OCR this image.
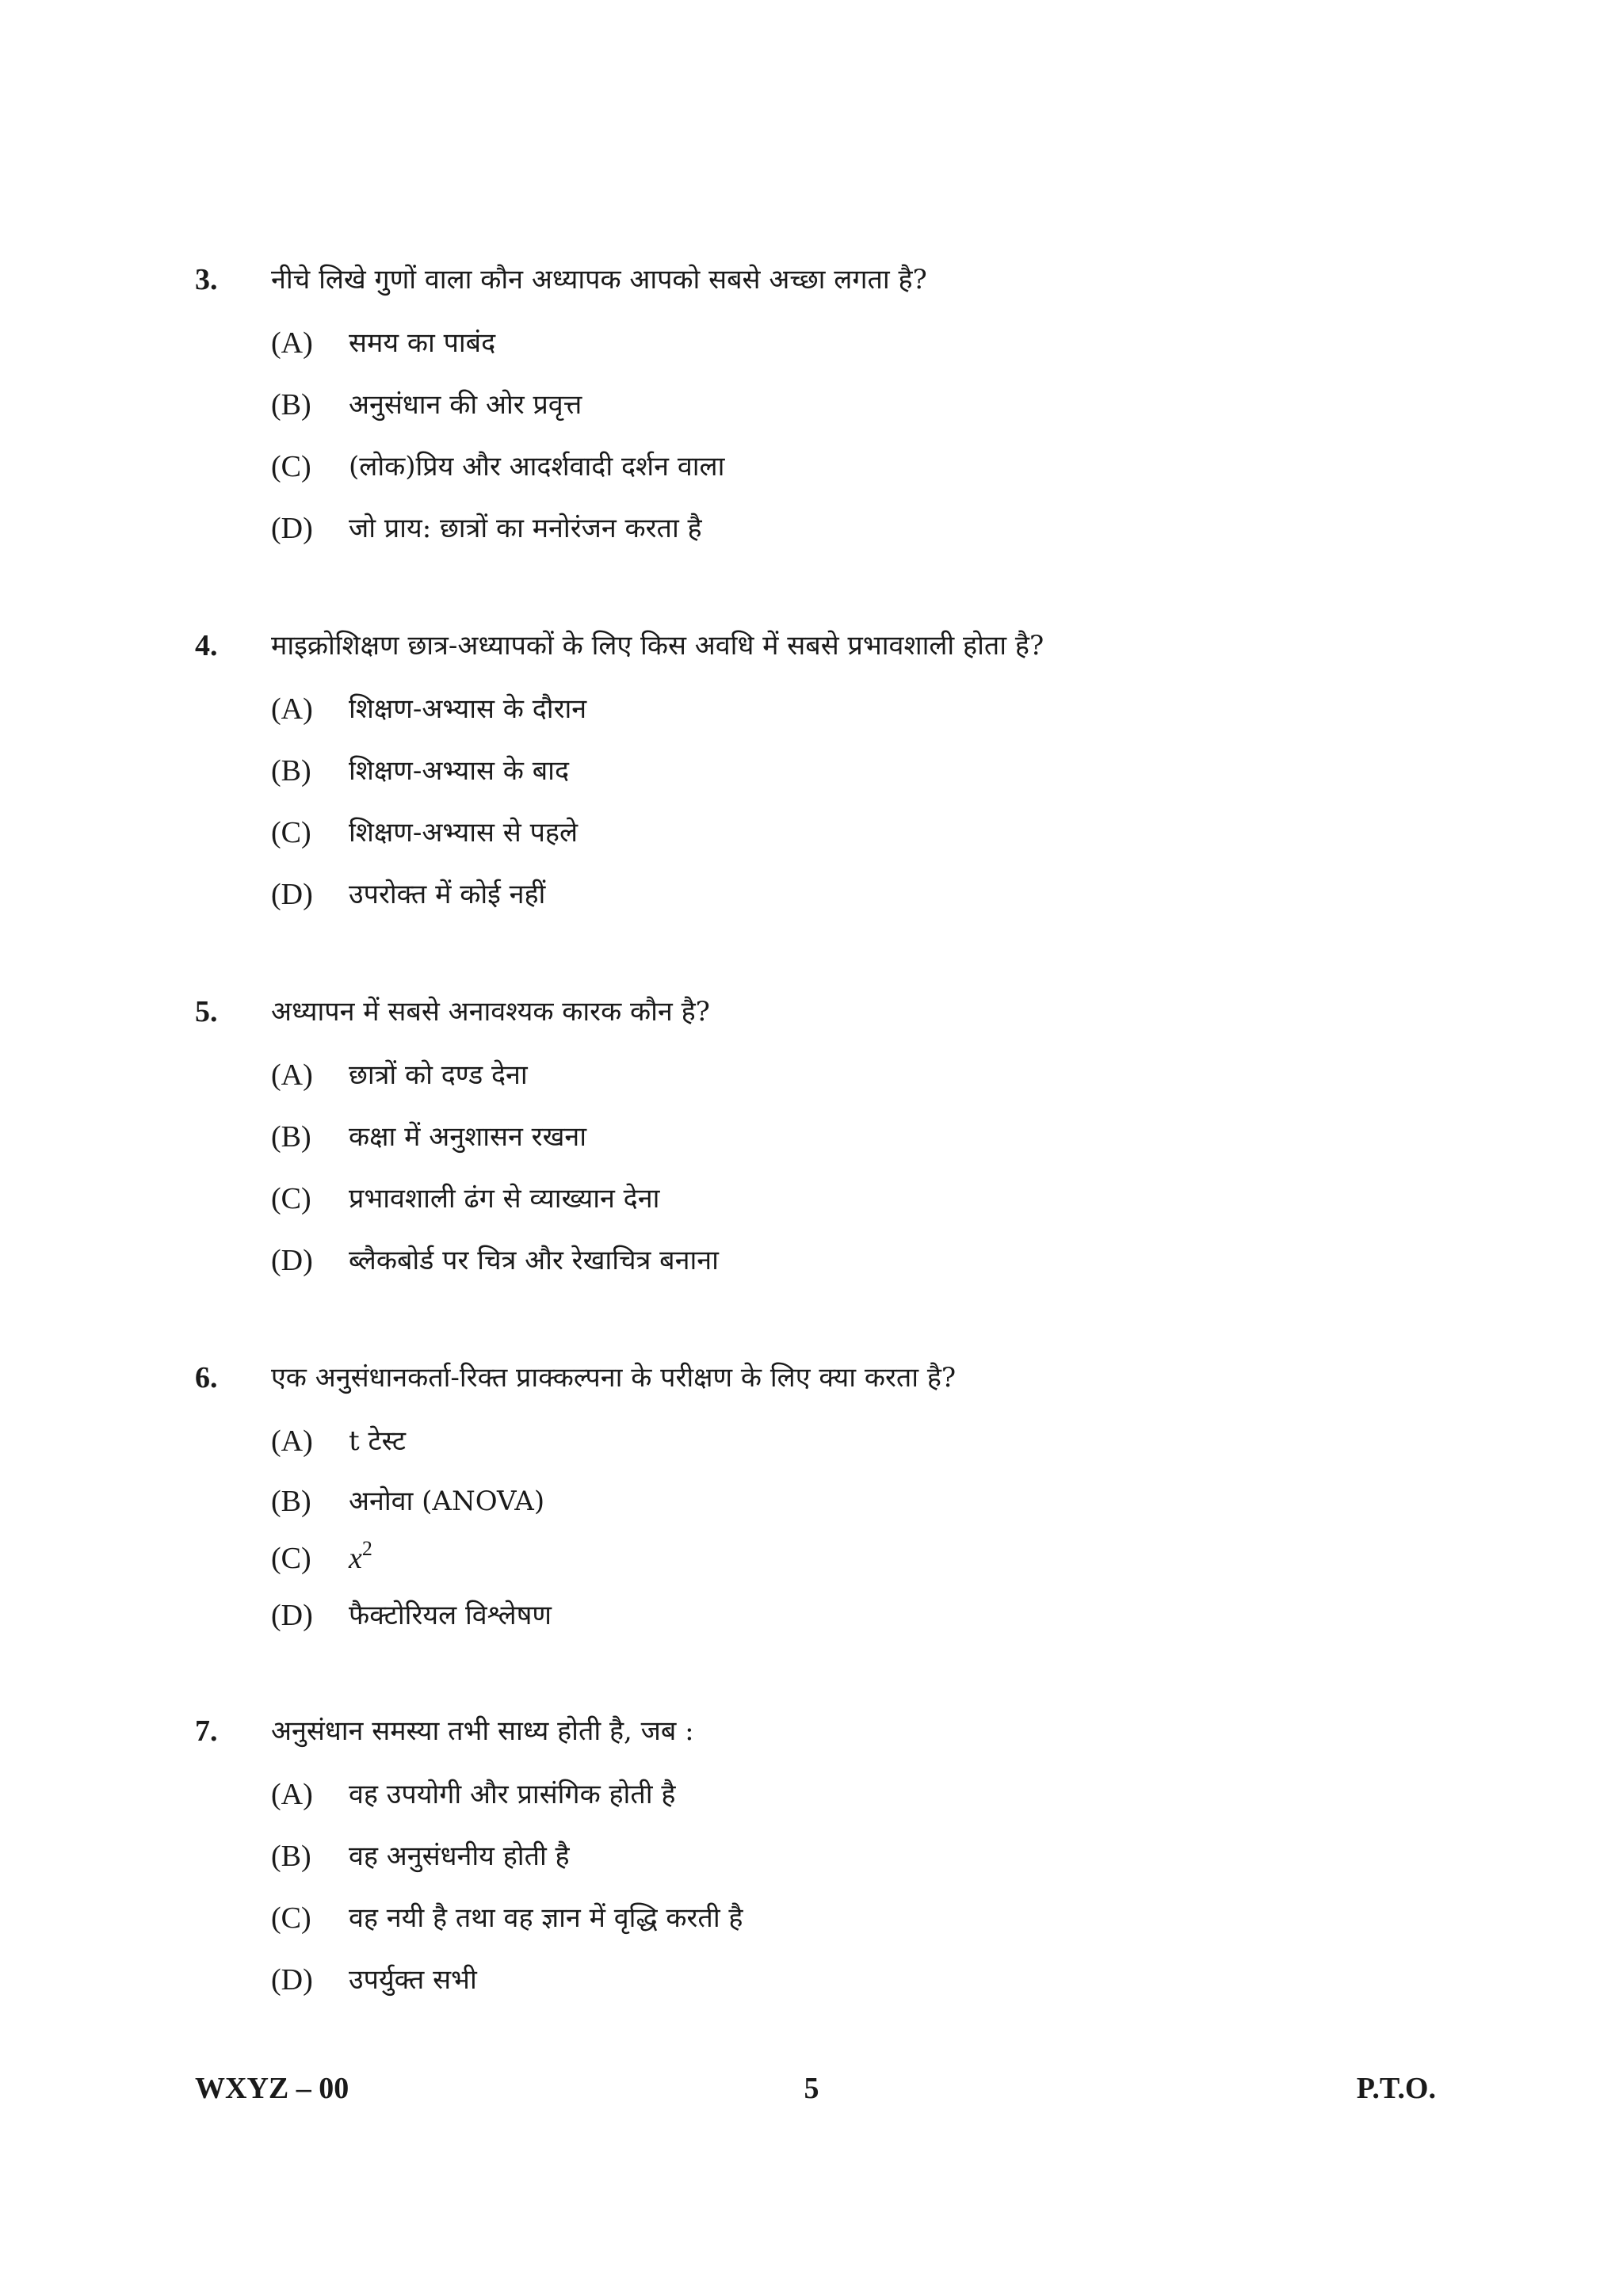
3. नीचे लिखे गुणों वाला कौन अध्यापक आपको सबसे अच्छा लगता है?
(A) समय का पाबंद
(B) अनुसंधान की ओर प्रवृत्त
(C) (लोक)प्रिय और आदर्शवादी दर्शन वाला
(D) जो प्राय: छात्रों का मनोरंजन करता है
4. माइक्रोशिक्षण छात्र-अध्यापकों के लिए किस अवधि में सबसे प्रभावशाली होता है?
(A) शिक्षण-अभ्यास के दौरान
(B) शिक्षण-अभ्यास के बाद
(C) शिक्षण-अभ्यास से पहले
(D) उपरोक्त में कोई नहीं
5. अध्यापन में सबसे अनावश्यक कारक कौन है?
(A) छात्रों को दण्ड देना
(B) कक्षा में अनुशासन रखना
(C) प्रभावशाली ढंग से व्याख्यान देना
(D) ब्लैकबोर्ड पर चित्र और रेखाचित्र बनाना
6. एक अनुसंधानकर्ता-रिक्त प्राक्कल्पना के परीक्षण के लिए क्या करता है?
(A) t टेस्ट
(B) अनोवा (ANOVA)
(C) $x^2$
(D) फैक्टोरियल विश्लेषण
7. अनुसंधान समस्या तभी साध्य होती है, जब :
(A) वह उपयोगी और प्रासंगिक होती है
(B) वह अनुसंधनीय होती है
(C) वह नयी है तथा वह ज्ञान में वृद्धि करती है
(D) उपर्युक्त सभी
WXYZ – 00	5	P.T.O.
